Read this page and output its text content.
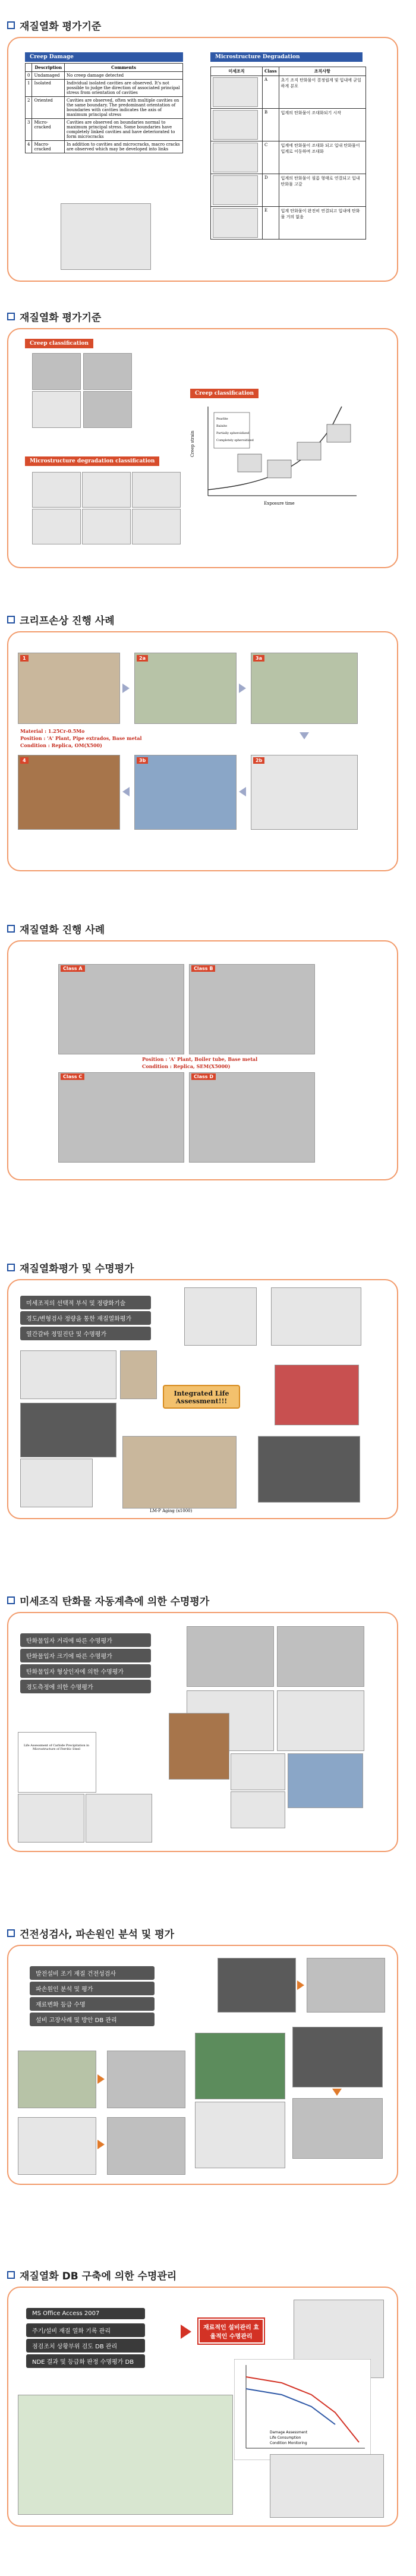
재질열화 평가기준
Creep Damage
	Description	Comments
0	Undamaged	No creep damage detected
1	Isolated	Individual isolated cavities are observed. It's not possible to judge the direction of associated principal stress from orientation of cavities
2	Oriented	Cavities are observed, often with multiple cavities on the same boundary. The predominant orientation of boundaries with cavities indicates the axis of maximum principal stress
3	Micro-cracked	Cavities are observed on boundaries normal to maximum principal stress. Some boundaries have completely linked cavities and have deteriorated to form microcracks
4	Macro-cracked	In addition to cavities and microcracks, macro cracks are observed which may be developed into links
Microstructure Degradation
미세조직	Class	조직사항

	A	초기 조직 탄화물이 결정립계 및 입내에 균일하게 분포

	B	입계의 탄화물이 조대화되기 시작

	C	입계에 탄화물이 조대화 되고 입내 탄화물이 입계로 이동하며 조대화

	D	입계의 탄화물이 필름 형태로 연결되고 입내 탄화물 고갈

	E	입계 탄화물이 완전히 연결되고 입내에 탄화물 거의 없음
재질열화 평가기준
Creep classification
Creep classification
Creep strain
Exposure time
Pearlite
Bainite
Partially spheroidized
Completely spheroidized
Microstructure degradation classification
크리프손상 진행 사례
1	2a	3a
Material : 1.25Cr-0.5Mo
Position : 'A' Plant, Pipe extrados, Base metal
Condition : Replica, OM(X500)
4	3b	2b
재질열화 진행 사례
Class A	Class B
Position : 'A' Plant, Boiler tube, Base metal
Condition : Replica, SEM(X5000)
Class C	Class D
재질열화평가 및 수명평가
미세조직의 선택적 부식 및 정량화기술
경도/변형검사 정량을 통한 재질열화평가
열간갈바 정밀진단 및 수명평가
Integrated Life Assessment!!!
LM-P Aging (x1000)
미세조직 탄화물 자동계측에 의한 수명평가
탄화물입자 거리에 따른 수명평가
탄화물입자 크기에 따른 수명평가
탄화물입자 형상인자에 의한 수명평가
경도측정에 의한 수명평가
Life Assessment of Carbide Precipitation in Microstructure of Ferritic Steel
건전성검사, 파손원인 분석 및 평가
발전설비 조기 재질 건전성검사
파손원인 분석 및 평가
재료변화 등급 수명
설비 고장사례 및 방안 DB 관리
재질열화 DB 구축에 의한 수명관리
MS Office Access 2007
주기/설비 재질 열화 기록 관리
점검조치 상황부위 검도 DB 관리
NDE 결과 및 등급화 판정 수명평가 DB
재료적인 설비관리 효율적인 수명관리
Damage Assessment
Life Consumption
Condition Monitoring
